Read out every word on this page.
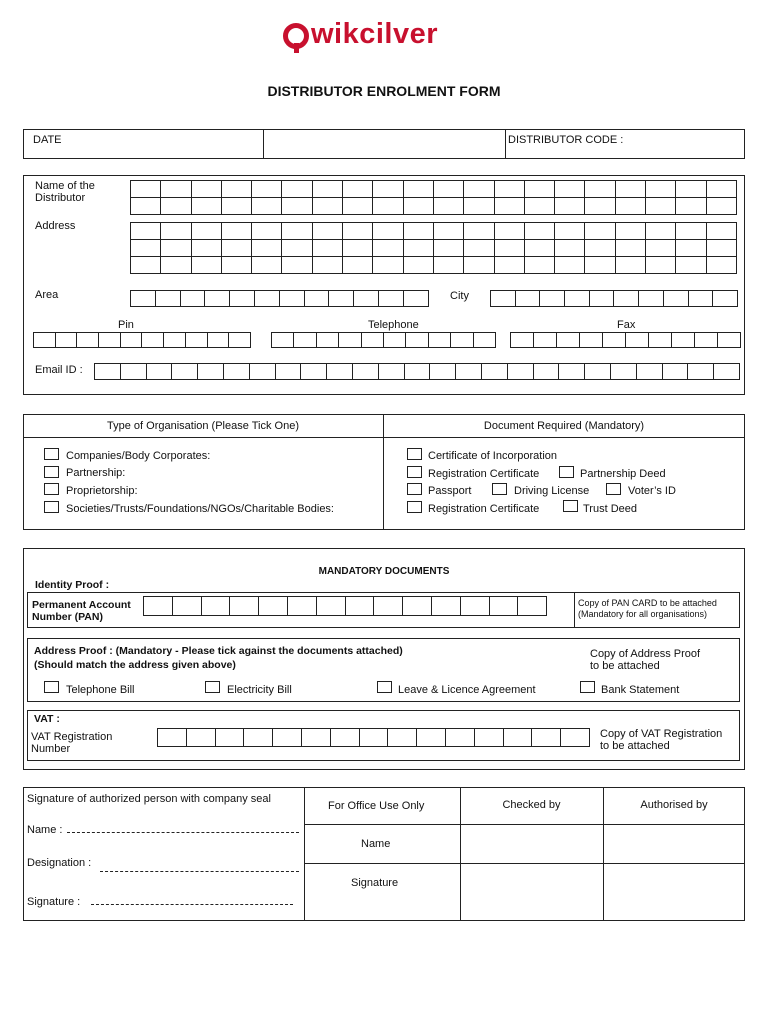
wikcilver
DISTRIBUTOR ENROLMENT FORM
DATE	DISTRIBUTOR CODE :
Name of the
Distributor
Address
Area	City
Pin	Telephone	Fax
Email ID :
Type of Organisation (Please Tick One)	Document Required (Mandatory)
Companies/Body Corporates:
Partnership:
Proprietorship:
Societies/Trusts/Foundations/NGOs/Charitable Bodies:
Certificate of Incorporation
Registration Certificate	Partnership Deed
Passport	Driving License	Voter’s ID
Registration Certificate	Trust Deed
MANDATORY DOCUMENTS
Identity Proof :
Permanent Account
Number (PAN)
Copy of PAN CARD to be attached
(Mandatory for all organisations)
Address Proof : (Mandatory - Please tick against the documents attached)
(Should match the address given above)
Copy of Address Proof
to be attached
Telephone Bill	Electricity Bill	Leave & Licence Agreement	Bank Statement
VAT :
VAT Registration
Number
Copy of VAT Registration
to be attached
Signature of authorized person with company seal
Name :
Designation :
Signature :
For Office Use Only	Checked by	Authorised by
Name
Signature
